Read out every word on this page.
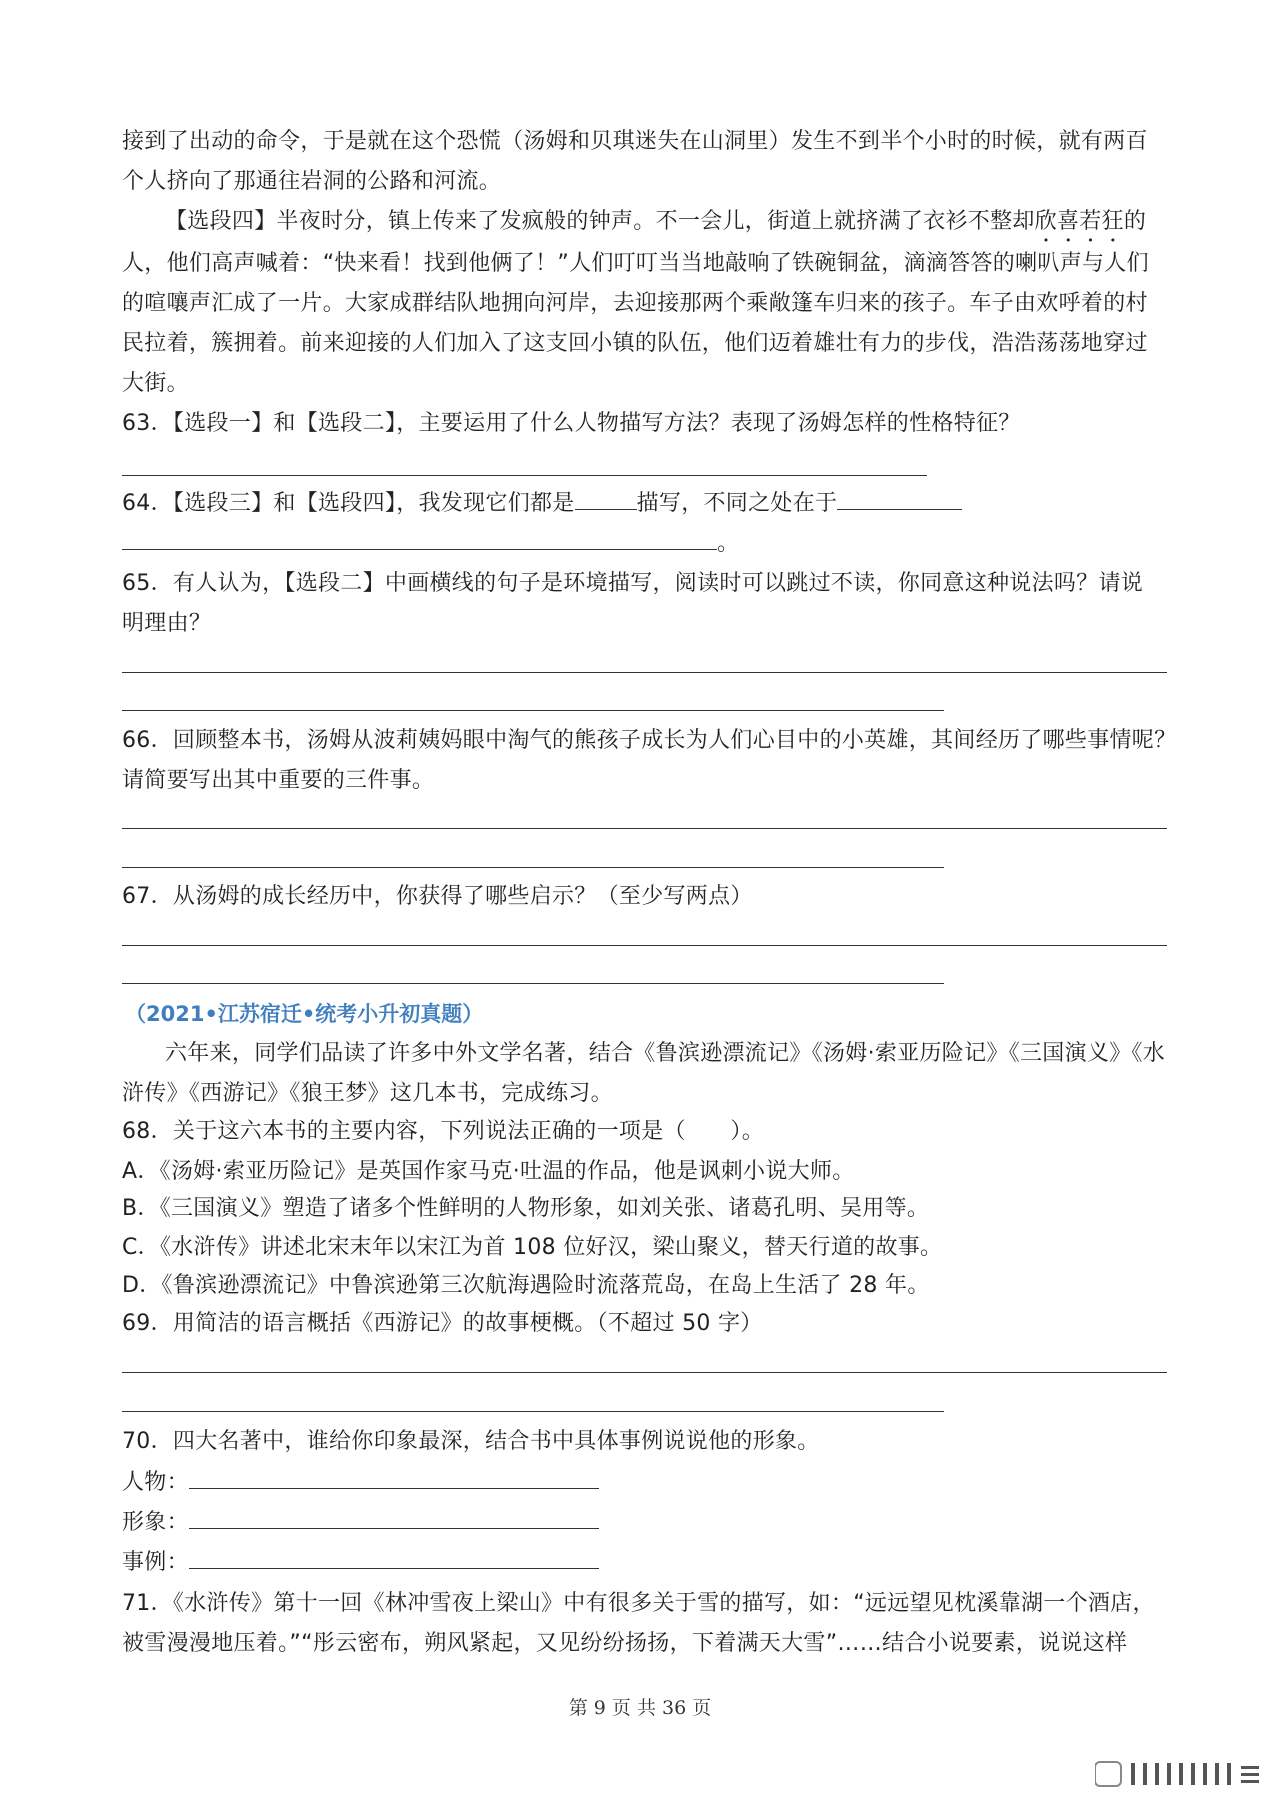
接到了出动的命令，于是就在这个恐慌（汤姆和贝琪迷失在山洞里）发生不到半个小时的时候，就有两百
个人挤向了那通往岩洞的公路和河流。
【选段四】半夜时分，镇上传来了发疯般的钟声。不一会儿，街道上就挤满了衣衫不整却欣喜若狂的
人，他们高声喊着：“快来看！找到他俩了！”人们叮叮当当地敲响了铁碗铜盆，滴滴答答的喇叭声与人们
的喧嚷声汇成了一片。大家成群结队地拥向河岸，去迎接那两个乘敞篷车归来的孩子。车子由欢呼着的村
民拉着，簇拥着。前来迎接的人们加入了这支回小镇的队伍，他们迈着雄壮有力的步伐，浩浩荡荡地穿过
大街。
63．【选段一】和【选段二】，主要运用了什么人物描写方法？表现了汤姆怎样的性格特征？
64．【选段三】和【选段四】，我发现它们都是	描写，不同之处在于
。
65．有人认为，【选段二】中画横线的句子是环境描写，阅读时可以跳过不读，你同意这种说法吗？请说
明理由？
66．回顾整本书，汤姆从波莉姨妈眼中淘气的熊孩子成长为人们心目中的小英雄，其间经历了哪些事情呢？
请简要写出其中重要的三件事。
67．从汤姆的成长经历中，你获得了哪些启示？（至少写两点）
（2021•江苏宿迁•统考小升初真题）
六年来，同学们品读了许多中外文学名著，结合《鲁滨逊漂流记》《汤姆·索亚历险记》《三国演义》《水
浒传》《西游记》《狼王梦》这几本书，完成练习。
68．关于这六本书的主要内容，下列说法正确的一项是（　　）。
A．《汤姆·索亚历险记》是英国作家马克·吐温的作品，他是讽刺小说大师。
B．《三国演义》塑造了诸多个性鲜明的人物形象，如刘关张、诸葛孔明、吴用等。
C．《水浒传》讲述北宋末年以宋江为首 108 位好汉，梁山聚义，替天行道的故事。
D．《鲁滨逊漂流记》中鲁滨逊第三次航海遇险时流落荒岛，在岛上生活了 28 年。
69．用简洁的语言概括《西游记》的故事梗概。（不超过 50 字）
70．四大名著中，谁给你印象最深，结合书中具体事例说说他的形象。
人物：
形象：
事例：
71．《水浒传》第十一回《林冲雪夜上梁山》中有很多关于雪的描写，如：“远远望见枕溪靠湖一个酒店，
被雪漫漫地压着。”“彤云密布，朔风紧起，又见纷纷扬扬，下着满天大雪”……结合小说要素，说说这样
第 9 页 共 36 页
